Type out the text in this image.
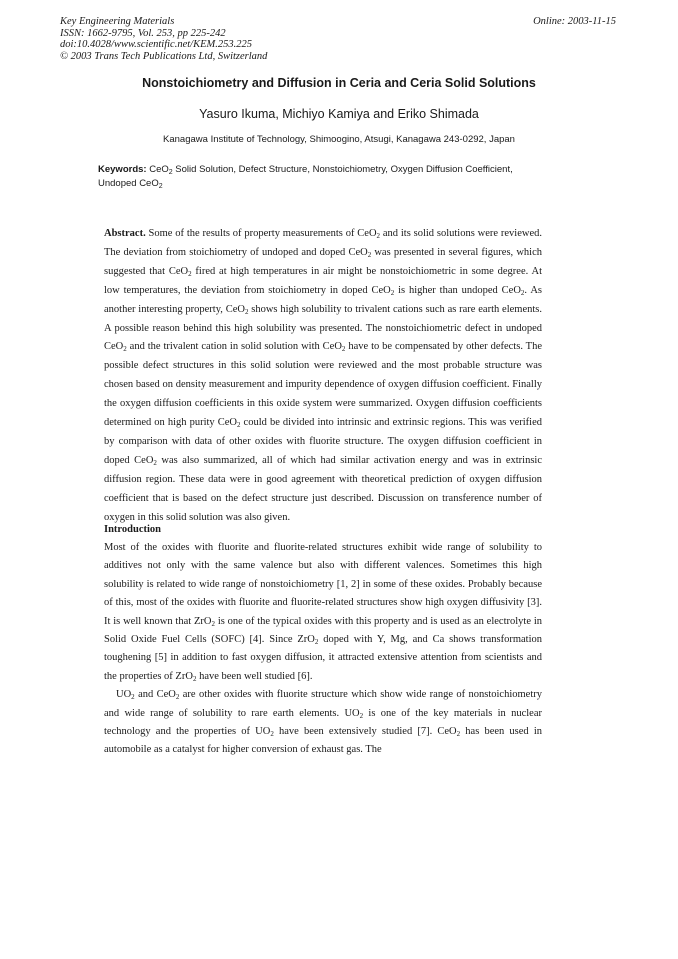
Key Engineering Materials
ISSN: 1662-9795, Vol. 253, pp 225-242
doi:10.4028/www.scientific.net/KEM.253.225
© 2003 Trans Tech Publications Ltd, Switzerland
Online: 2003-11-15
Nonstoichiometry and Diffusion in Ceria and Ceria Solid Solutions
Yasuro Ikuma, Michiyo Kamiya and Eriko Shimada
Kanagawa Institute of Technology, Shimoogino, Atsugi, Kanagawa 243-0292, Japan
Keywords: CeO$_2$ Solid Solution, Defect Structure, Nonstoichiometry, Oxygen Diffusion Coefficient, Undoped CeO$_2$
Abstract. Some of the results of property measurements of CeO$_2$ and its solid solutions were reviewed. The deviation from stoichiometry of undoped and doped CeO$_2$ was presented in several figures, which suggested that CeO$_2$ fired at high temperatures in air might be nonstoichiometric in some degree. At low temperatures, the deviation from stoichiometry in doped CeO$_2$ is higher than undoped CeO$_2$. As another interesting property, CeO$_2$ shows high solubility to trivalent cations such as rare earth elements. A possible reason behind this high solubility was presented. The nonstoichiometric defect in undoped CeO$_2$ and the trivalent cation in solid solution with CeO$_2$ have to be compensated by other defects. The possible defect structures in this solid solution were reviewed and the most probable structure was chosen based on density measurement and impurity dependence of oxygen diffusion coefficient. Finally the oxygen diffusion coefficients in this oxide system were summarized. Oxygen diffusion coefficients determined on high purity CeO$_2$ could be divided into intrinsic and extrinsic regions. This was verified by comparison with data of other oxides with fluorite structure. The oxygen diffusion coefficient in doped CeO$_2$ was also summarized, all of which had similar activation energy and was in extrinsic diffusion region. These data were in good agreement with theoretical prediction of oxygen diffusion coefficient that is based on the defect structure just described. Discussion on transference number of oxygen in this solid solution was also given.
Introduction

Most of the oxides with fluorite and fluorite-related structures exhibit wide range of solubility to additives not only with the same valence but also with different valences. Sometimes this high solubility is related to wide range of nonstoichiometry [1, 2] in some of these oxides. Probably because of this, most of the oxides with fluorite and fluorite-related structures show high oxygen diffusivity [3]. It is well known that ZrO$_2$ is one of the typical oxides with this property and is used as an electrolyte in Solid Oxide Fuel Cells (SOFC) [4]. Since ZrO$_2$ doped with Y, Mg, and Ca shows transformation toughening [5] in addition to fast oxygen diffusion, it attracted extensive attention from scientists and the properties of ZrO$_2$ have been well studied [6].

$UO_2$ and CeO$_2$ are other oxides with fluorite structure which show wide range of nonstoichiometry and wide range of solubility to rare earth elements. $UO_2$ is one of the key materials in nuclear technology and the properties of $UO_2$ have been extensively studied [7]. CeO$_2$ has been used in automobile as a catalyst for higher conversion of exhaust gas. The
